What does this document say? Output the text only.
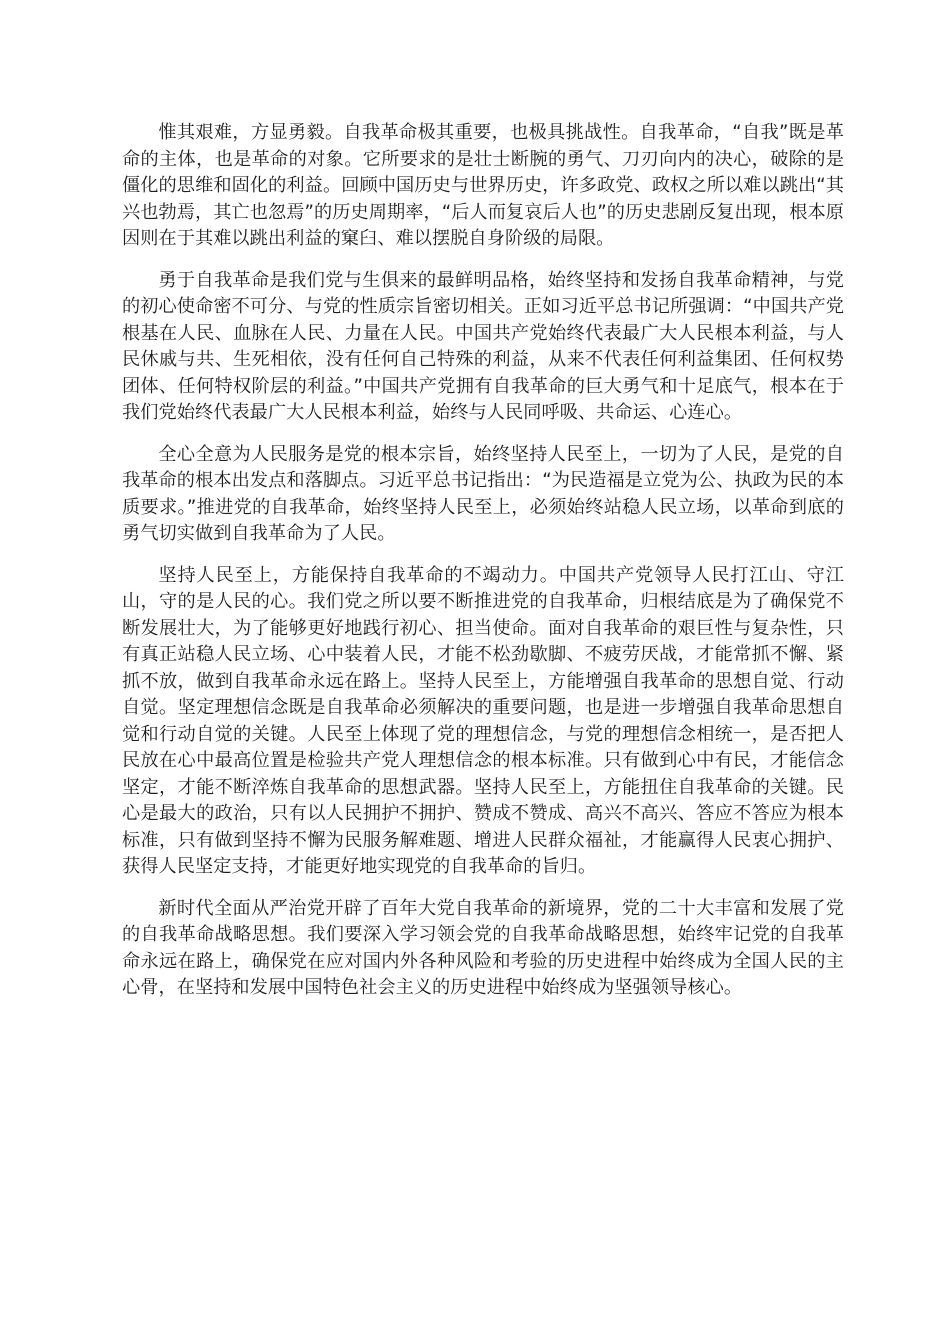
惟其艰难，方显勇毅。自我革命极其重要，也极具挑战性。自我革命，“自我”既是革命的主体，也是革命的对象。它所要求的是壮士断腕的勇气、刀刃向内的决心，破除的是僵化的思维和固化的利益。回顾中国历史与世界历史，许多政党、政权之所以难以跳出“其兴也勃焉，其亡也忽焉”的历史周期率，“后人而复哀后人也”的历史悲剧反复出现，根本原因则在于其难以跳出利益的窠臼、难以摆脱自身阶级的局限。

勇于自我革命是我们党与生俱来的最鲜明品格，始终坚持和发扬自我革命精神，与党的初心使命密不可分、与党的性质宗旨密切相关。正如习近平总书记所强调：“中国共产党根基在人民、血脉在人民、力量在人民。中国共产党始终代表最广大人民根本利益，与人民休戚与共、生死相依，没有任何自己特殊的利益，从来不代表任何利益集团、任何权势团体、任何特权阶层的利益。”中国共产党拥有自我革命的巨大勇气和十足底气，根本在于我们党始终代表最广大人民根本利益，始终与人民同呼吸、共命运、心连心。

全心全意为人民服务是党的根本宗旨，始终坚持人民至上，一切为了人民，是党的自我革命的根本出发点和落脚点。习近平总书记指出：“为民造福是立党为公、执政为民的本质要求。”推进党的自我革命，始终坚持人民至上，必须始终站稳人民立场，以革命到底的勇气切实做到自我革命为了人民。

坚持人民至上，方能保持自我革命的不竭动力。中国共产党领导人民打江山、守江山，守的是人民的心。我们党之所以要不断推进党的自我革命，归根结底是为了确保党不断发展壮大，为了能够更好地践行初心、担当使命。面对自我革命的艰巨性与复杂性，只有真正站稳人民立场、心中装着人民，才能不松劲歇脚、不疲劳厌战，才能常抓不懈、紧抓不放，做到自我革命永远在路上。坚持人民至上，方能增强自我革命的思想自觉、行动自觉。坚定理想信念既是自我革命必须解决的重要问题，也是进一步增强自我革命思想自觉和行动自觉的关键。人民至上体现了党的理想信念，与党的理想信念相统一，是否把人民放在心中最高位置是检验共产党人理想信念的根本标准。只有做到心中有民，才能信念坚定，才能不断淬炼自我革命的思想武器。坚持人民至上，方能扭住自我革命的关键。民心是最大的政治，只有以人民拥护不拥护、赞成不赞成、高兴不高兴、答应不答应为根本标准，只有做到坚持不懈为民服务解难题、增进人民群众福祉，才能赢得人民衷心拥护、获得人民坚定支持，才能更好地实现党的自我革命的旨归。

新时代全面从严治党开辟了百年大党自我革命的新境界，党的二十大丰富和发展了党的自我革命战略思想。我们要深入学习领会党的自我革命战略思想，始终牢记党的自我革命永远在路上，确保党在应对国内外各种风险和考验的历史进程中始终成为全国人民的主心骨，在坚持和发展中国特色社会主义的历史进程中始终成为坚强领导核心。
